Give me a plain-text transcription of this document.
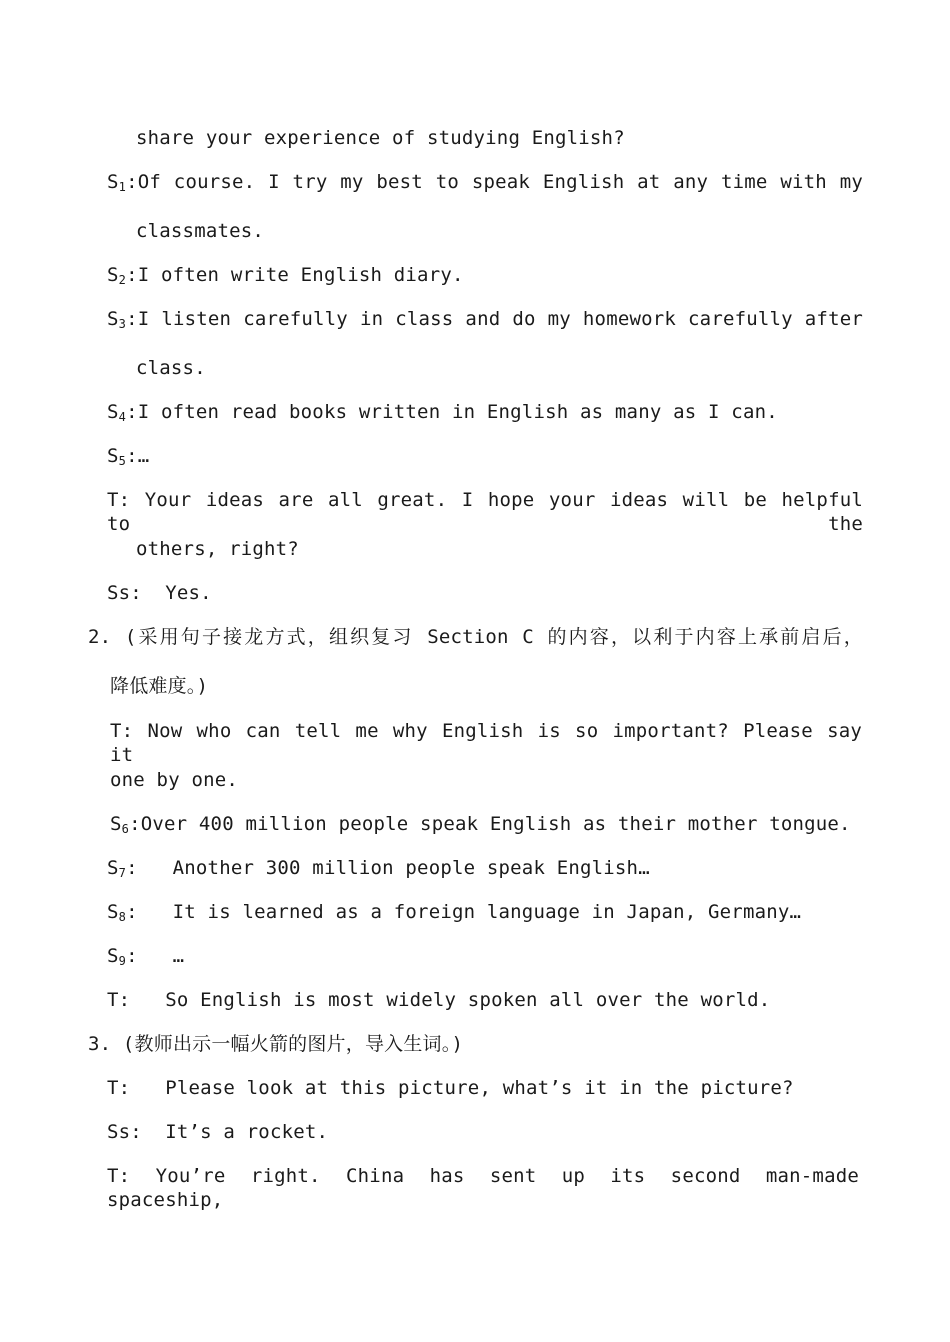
share your experience of studying English?
$S_1:Of$ course. I try my best to speak English at any time with my
classmates.
$S_2:I$ often write English diary.
$S_3:I$ listen carefully in class and do my homework carefully after
class.
$S_4:I$ often read books written in English as many as I can.
$S_5:\dots$
T: Your ideas are all great. I hope your ideas will be helpful to the
others, right?
Ss:  Yes.
2. (采用句子接龙方式，组织复习 Section C 的内容，以利于内容上承前启后，
降低难度。)
T: Now who can tell me why English is so important? Please say it
one by one.
$S_6:Over$ 400 million people speak English as their mother tongue.
$S_7$:   Another 300 million people speak English…
$S_8$:   It is learned as a foreign language in Japan, Germany…
$S_9$:   …
T:   So English is most widely spoken all over the world.
3. (教师出示一幅火箭的图片，导入生词。)
T:   Please look at this picture, what’s it in the picture?
Ss:  It’s a rocket.
T: You’re right. China has sent up its second man-made spaceship,
